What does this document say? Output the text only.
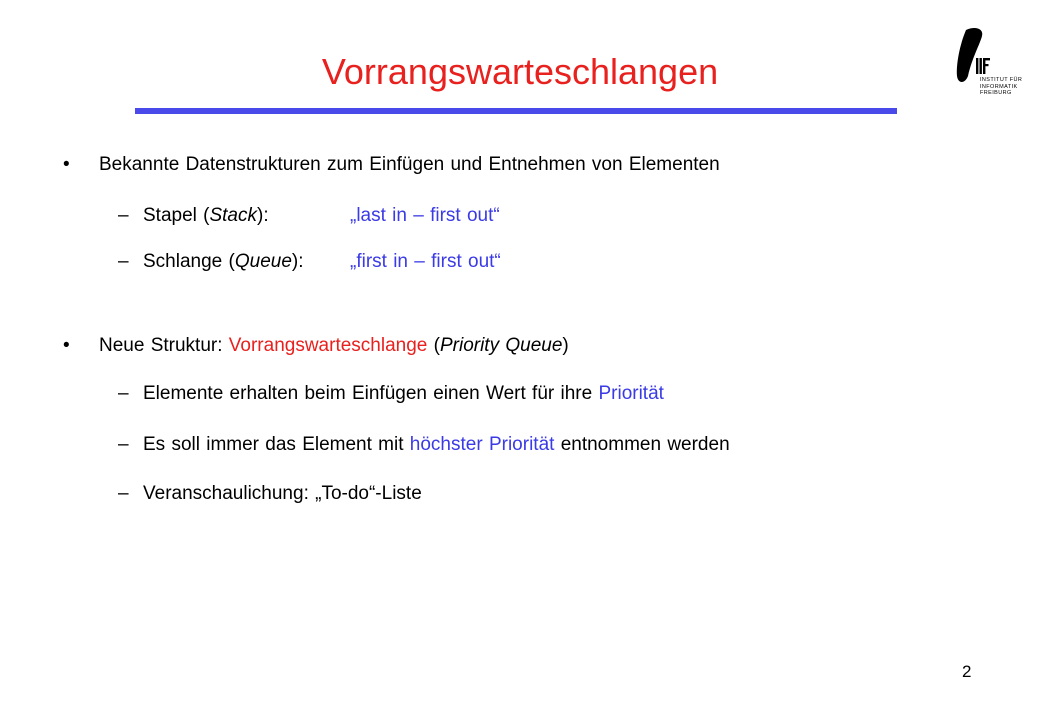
Vorrangswarteschlangen	INSTITUT FÜR
INFORMATIK
FREIBURG
• Bekannte Datenstrukturen zum Einfügen und Entnehmen von Elementen
– Stapel (Stack):	„last in – first out“
– Schlange (Queue): „first in – first out“
• Neue Struktur: Vorrangswarteschlange (Priority Queue)
– Elemente erhalten beim Einfügen einen Wert für ihre Priorität
– Es soll immer das Element mit höchster Priorität entnommen werden
– Veranschaulichung: „To-do“-Liste
2
